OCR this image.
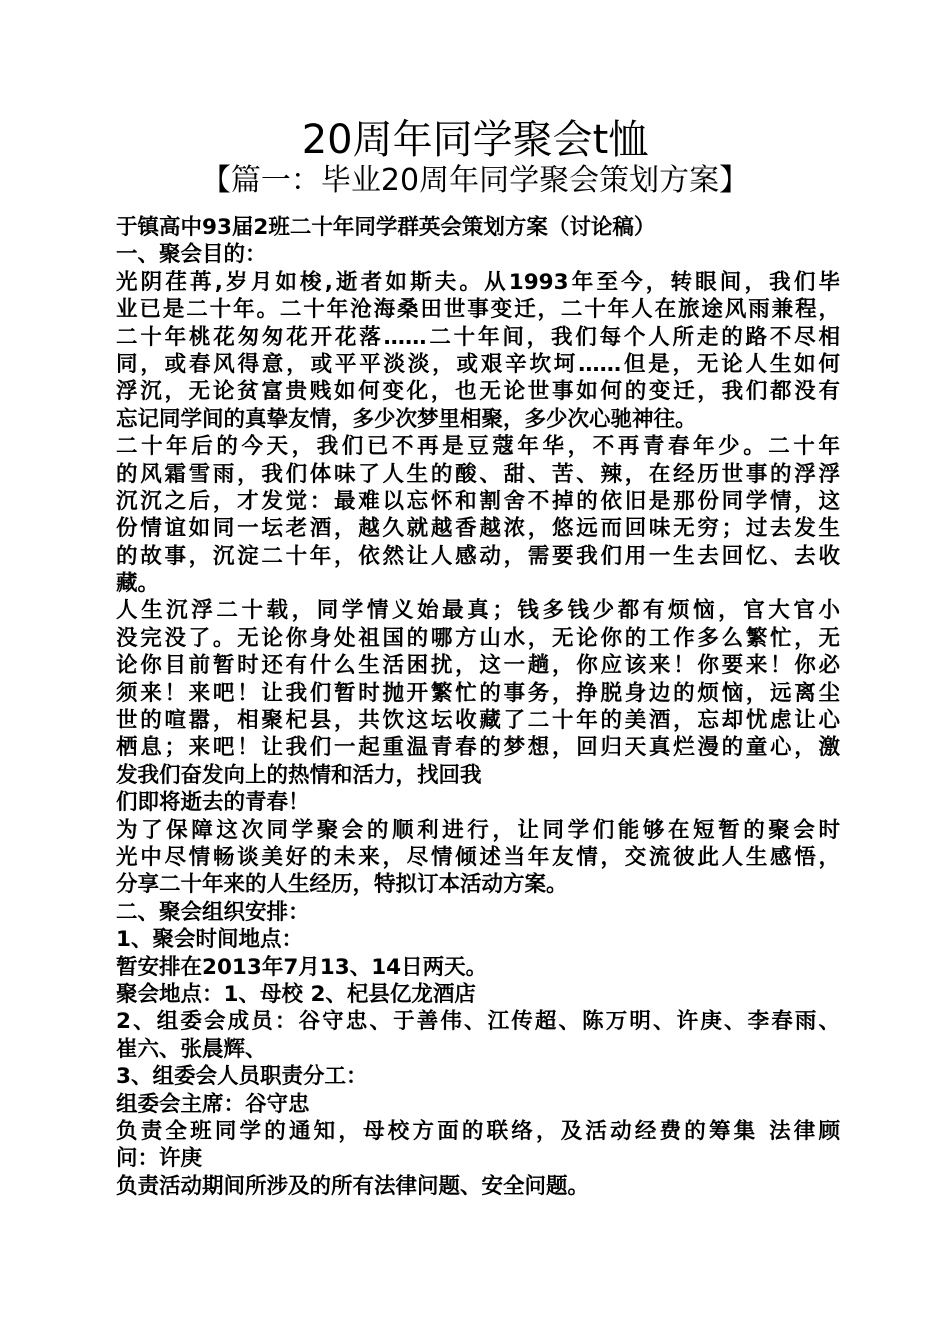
20周年同学聚会t恤
【篇一：毕业20周年同学聚会策划方案】
于镇高中93届2班二十年同学群英会策划方案（讨论稿）
一、聚会目的：
光阴荏苒,岁月如梭,逝者如斯夫。从1993年至今，转眼间，我们毕
业已是二十年。二十年沧海桑田世事变迁，二十年人在旅途风雨兼程，
二十年桃花匆匆花开花落……二十年间，我们每个人所走的路不尽相
同，或春风得意，或平平淡淡，或艰辛坎坷……但是，无论人生如何
浮沉，无论贫富贵贱如何变化，也无论世事如何的变迁，我们都没有
忘记同学间的真挚友情，多少次梦里相聚，多少次心驰神往。
二十年后的今天，我们已不再是豆蔻年华，不再青春年少。二十年
的风霜雪雨，我们体味了人生的酸、甜、苦、辣，在经历世事的浮浮
沉沉之后，才发觉：最难以忘怀和割舍不掉的依旧是那份同学情，这
份情谊如同一坛老酒，越久就越香越浓，悠远而回味无穷；过去发生
的故事，沉淀二十年，依然让人感动，需要我们用一生去回忆、去收
藏。
人生沉浮二十载，同学情义始最真；钱多钱少都有烦恼，官大官小
没完没了。无论你身处祖国的哪方山水，无论你的工作多么繁忙，无
论你目前暂时还有什么生活困扰，这一趟，你应该来！你要来！你必
须来！来吧！让我们暂时抛开繁忙的事务，挣脱身边的烦恼，远离尘
世的喧嚣，相聚杞县，共饮这坛收藏了二十年的美酒，忘却忧虑让心
栖息；来吧！让我们一起重温青春的梦想，回归天真烂漫的童心，激
发我们奋发向上的热情和活力，找回我
们即将逝去的青春！
为了保障这次同学聚会的顺利进行，让同学们能够在短暂的聚会时
光中尽情畅谈美好的未来，尽情倾述当年友情，交流彼此人生感悟，
分享二十年来的人生经历，特拟订本活动方案。
二、聚会组织安排：
1、聚会时间地点：
暂安排在2013年7月13、14日两天。
聚会地点：1、母校 2、杞县亿龙酒店
2、组委会成员：谷守忠、于善伟、江传超、陈万明、许庚、李春雨、
崔六、张晨辉、
3、组委会人员职责分工：
组委会主席：谷守忠
负责全班同学的通知，母校方面的联络，及活动经费的筹集 法律顾
问：许庚
负责活动期间所涉及的所有法律问题、安全问题。
